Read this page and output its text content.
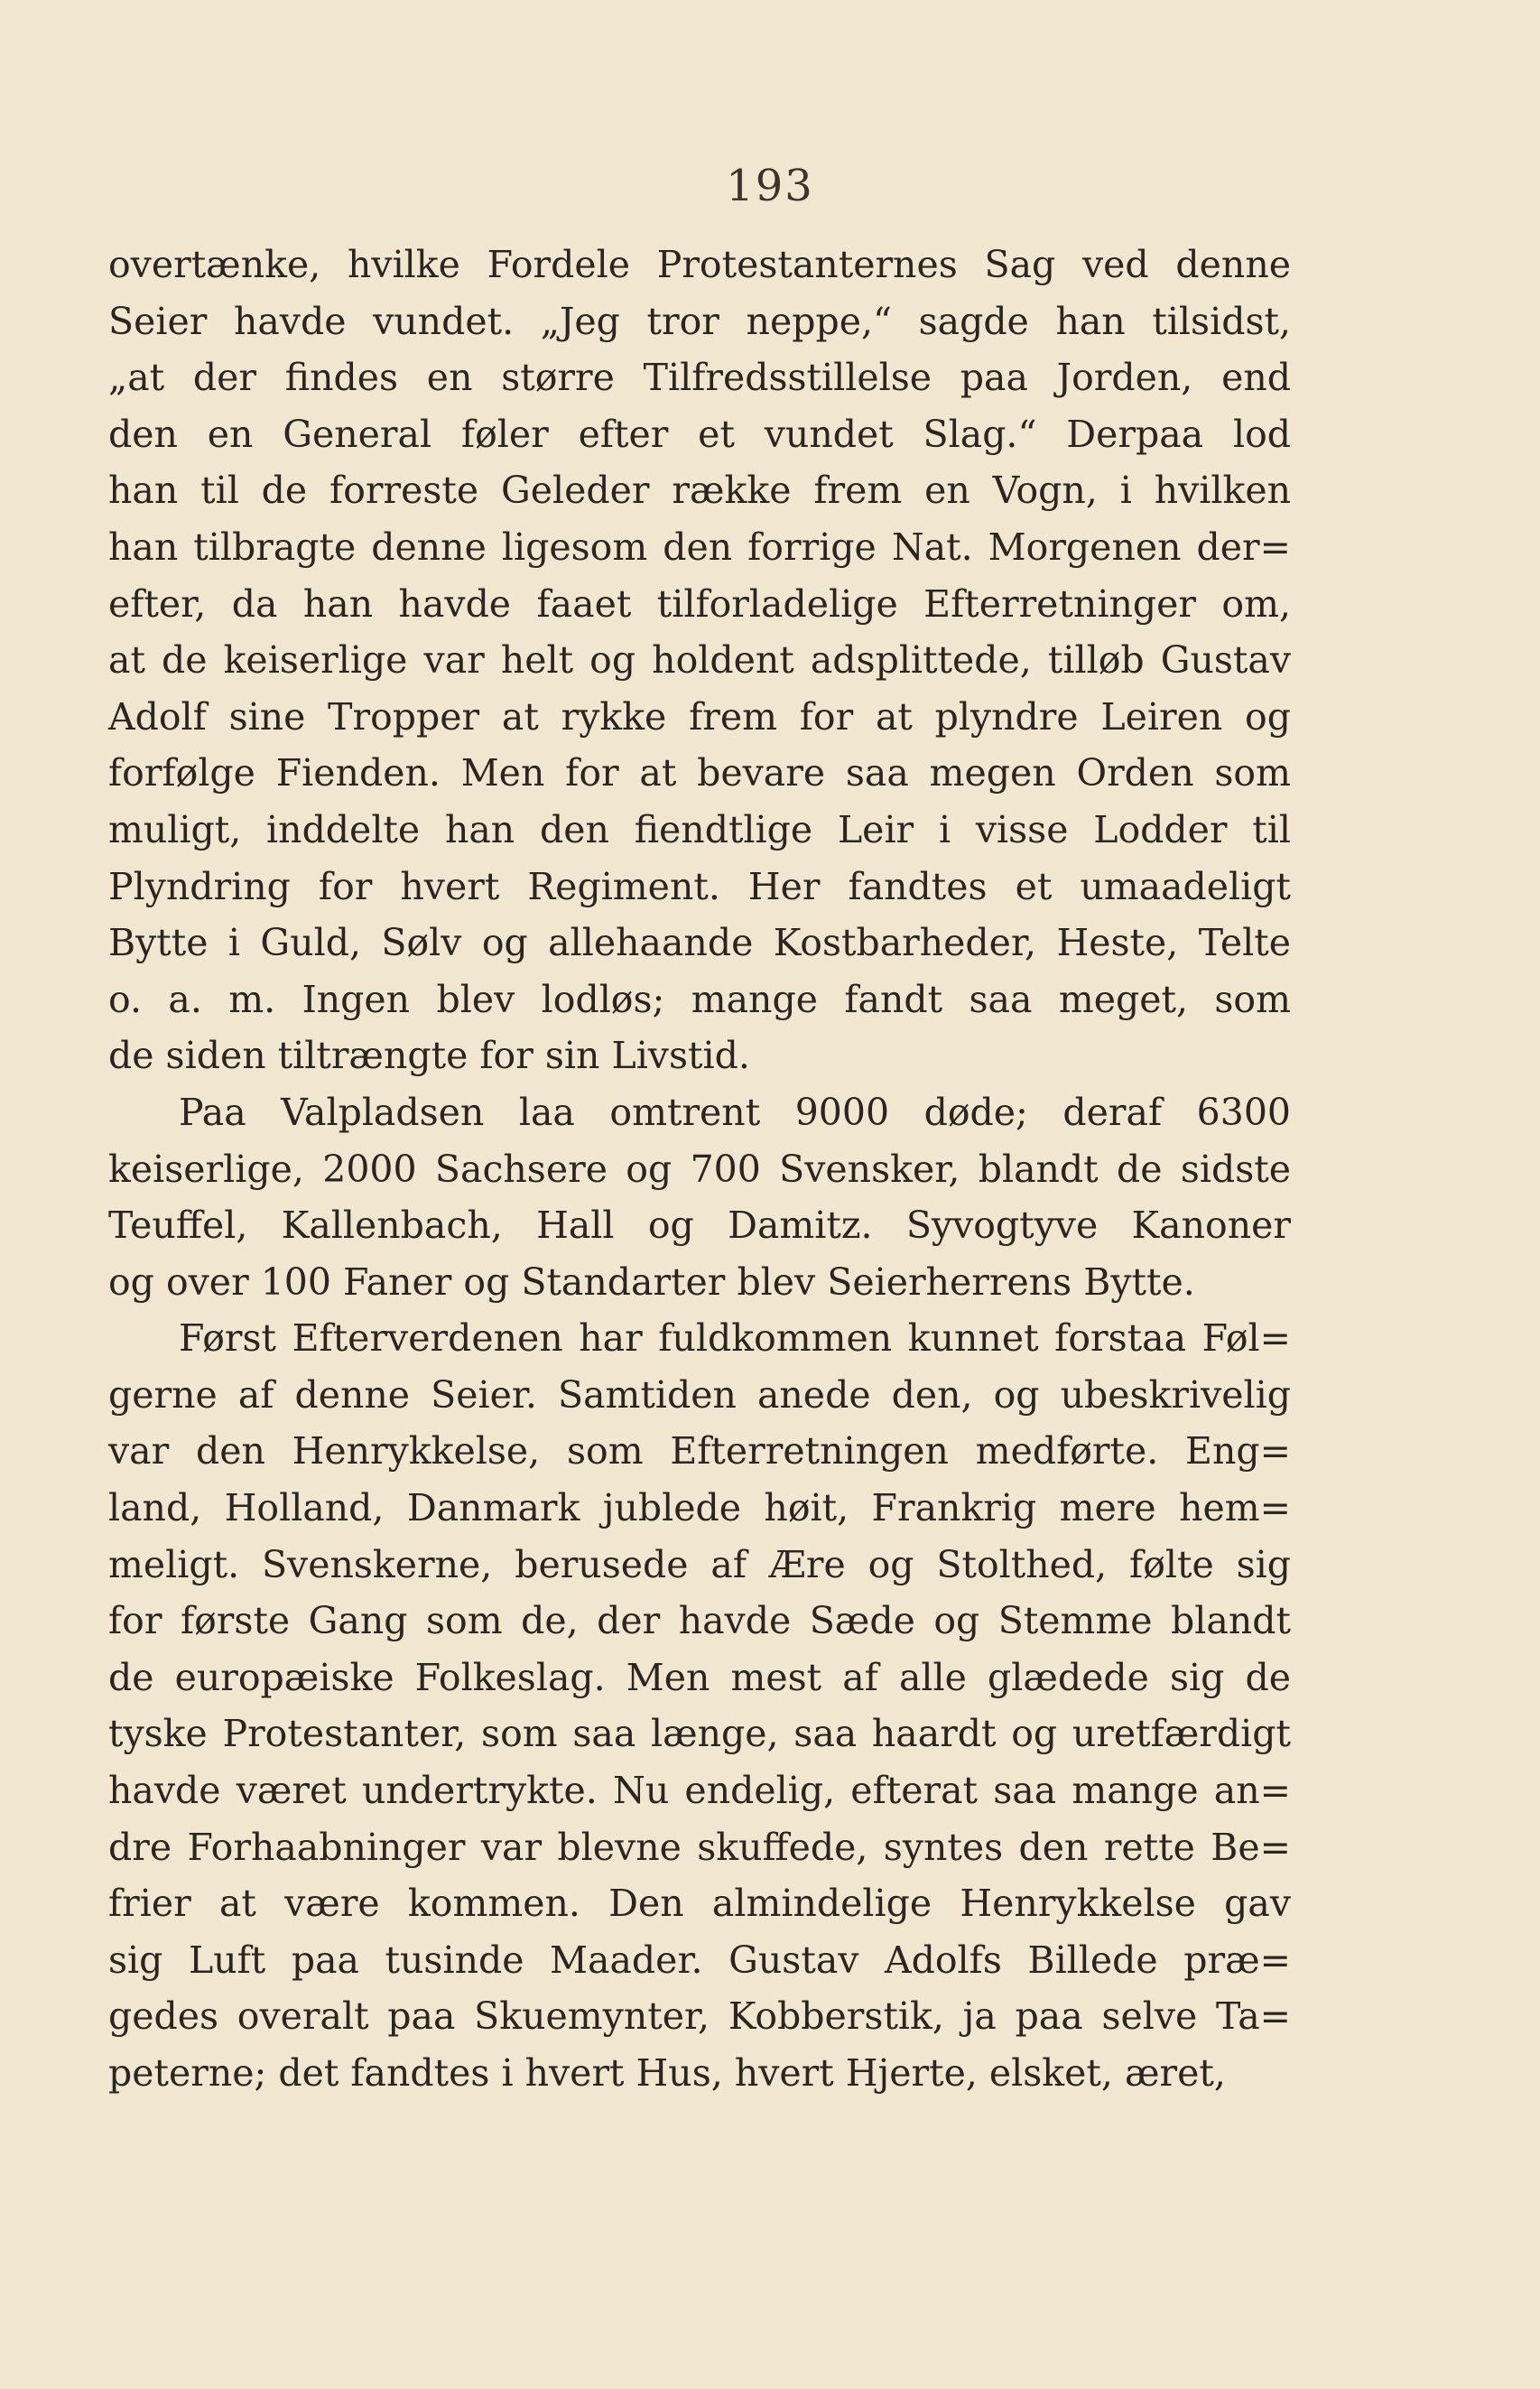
193
overtænke, hvilke Fordele Protestanternes Sag ved denne
Seier havde vundet. „Jeg tror neppe,“ sagde han tilsidst,
„at der findes en større Tilfredsstillelse paa Jorden, end
den en General føler efter et vundet Slag.“ Derpaa lod
han til de forreste Geleder række frem en Vogn, i hvilken
han tilbragte denne ligesom den forrige Nat. Morgenen der=
efter, da han havde faaet tilforladelige Efterretninger om,
at de keiserlige var helt og holdent adsplittede, tilløb Gustav
Adolf sine Tropper at rykke frem for at plyndre Leiren og
forfølge Fienden. Men for at bevare saa megen Orden som
muligt, inddelte han den fiendtlige Leir i visse Lodder til
Plyndring for hvert Regiment. Her fandtes et umaadeligt
Bytte i Guld, Sølv og allehaande Kostbarheder, Heste, Telte
o. a. m. Ingen blev lodløs; mange fandt saa meget, som
de siden tiltrængte for sin Livstid.
Paa Valpladsen laa omtrent 9000 døde; deraf 6300
keiserlige, 2000 Sachsere og 700 Svensker, blandt de sidste
Teuffel, Kallenbach, Hall og Damitz. Syvogtyve Kanoner
og over 100 Faner og Standarter blev Seierherrens Bytte.
Først Efterverdenen har fuldkommen kunnet forstaa Føl=
gerne af denne Seier. Samtiden anede den, og ubeskrivelig
var den Henrykkelse, som Efterretningen medførte. Eng=
land, Holland, Danmark jublede høit, Frankrig mere hem=
meligt. Svenskerne, berusede af Ære og Stolthed, følte sig
for første Gang som de, der havde Sæde og Stemme blandt
de europæiske Folkeslag. Men mest af alle glædede sig de
tyske Protestanter, som saa længe, saa haardt og uretfærdigt
havde været undertrykte. Nu endelig, efterat saa mange an=
dre Forhaabninger var blevne skuffede, syntes den rette Be=
frier at være kommen. Den almindelige Henrykkelse gav
sig Luft paa tusinde Maader. Gustav Adolfs Billede præ=
gedes overalt paa Skuemynter, Kobberstik, ja paa selve Ta=
peterne; det fandtes i hvert Hus, hvert Hjerte, elsket, æret,
